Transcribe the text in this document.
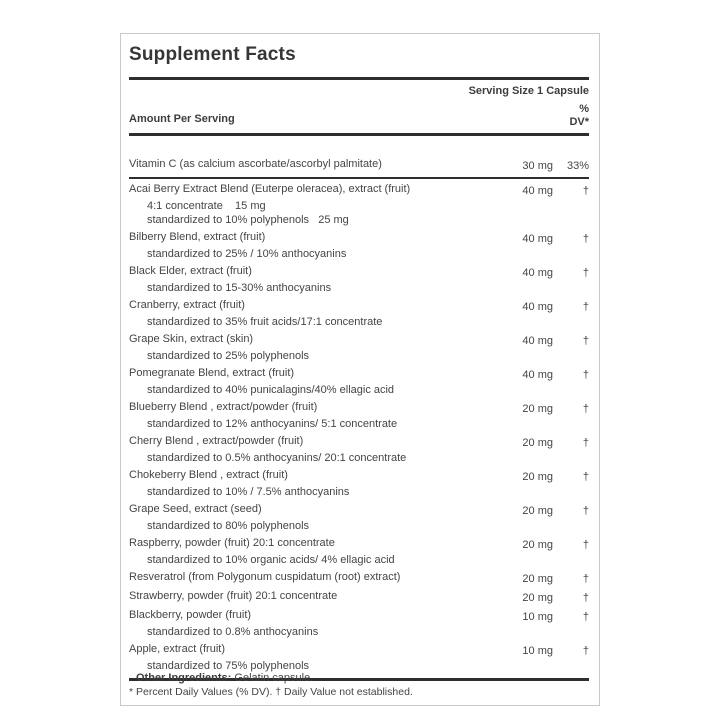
Supplement Facts
Serving Size 1 Capsule
Amount Per Serving
%
DV*
Vitamin C (as calcium ascorbate/ascorbyl palmitate)	30 mg	33%
Acai Berry Extract Blend (Euterpe oleracea), extract (fruit)	40 mg	†
4:1 concentrate    15 mg
standardized to 10% polyphenols   25 mg
Bilberry Blend, extract (fruit)	40 mg	†
standardized to 25% / 10% anthocyanins
Black Elder, extract (fruit)	40 mg	†
standardized to 15-30% anthocyanins
Cranberry, extract (fruit)	40 mg	†
standardized to 35% fruit acids/17:1 concentrate
Grape Skin, extract (skin)	40 mg	†
standardized to 25% polyphenols
Pomegranate Blend, extract (fruit)	40 mg	†
standardized to 40% punicalagins/40% ellagic acid
Blueberry Blend , extract/powder (fruit)	20 mg	†
standardized to 12% anthocyanins/ 5:1 concentrate
Cherry Blend , extract/powder (fruit)	20 mg	†
standardized to 0.5% anthocyanins/ 20:1 concentrate
Chokeberry Blend , extract (fruit)	20 mg	†
standardized to 10% / 7.5% anthocyanins
Grape Seed, extract (seed)	20 mg	†
standardized to 80% polyphenols
Raspberry, powder (fruit) 20:1 concentrate	20 mg	†
standardized to 10% organic acids/ 4% ellagic acid
Resveratrol (from Polygonum cuspidatum (root) extract)	20 mg	†
Strawberry, powder (fruit) 20:1 concentrate	20 mg	†
Blackberry, powder (fruit)	10 mg	†
standardized to 0.8% anthocyanins
Apple, extract (fruit)	10 mg	†
standardized to 75% polyphenols
* Percent Daily Values (% DV). † Daily Value not established.
Other Ingredients: Gelatin capsule.
